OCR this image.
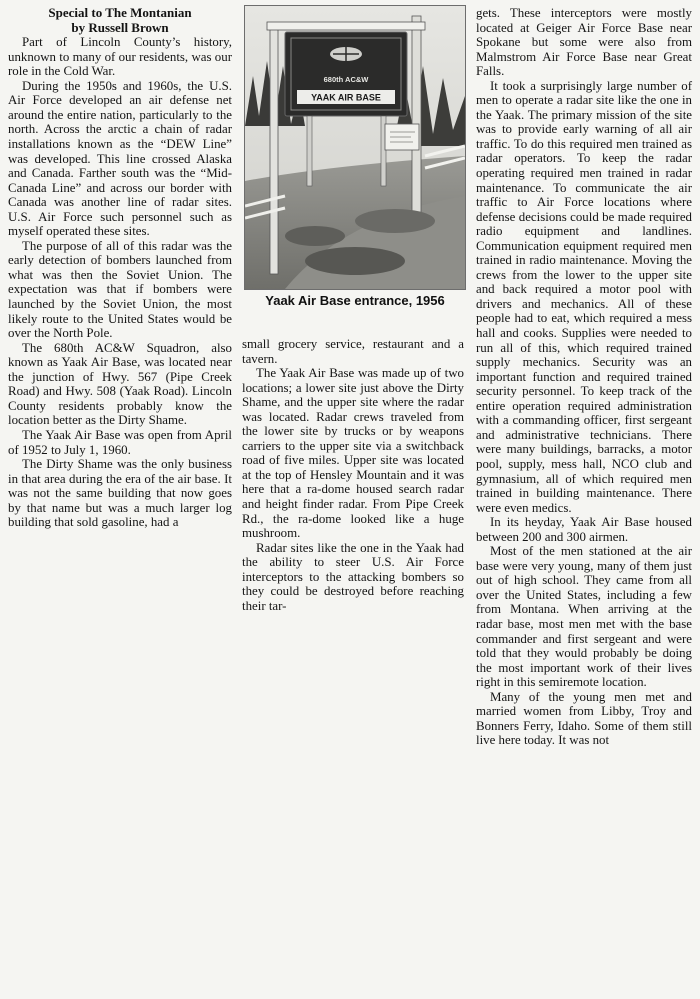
Special to The Montanian
by Russell Brown

Part of Lincoln County’s history, unknown to many of our residents, was our role in the Cold War.

During the 1950s and 1960s, the U.S. Air Force developed an air defense net around the entire nation, particularly to the north. Across the arctic a chain of radar installations known as the “DEW Line” was developed. This line crossed Alaska and Canada. Farther south was the “Mid-Canada Line” and across our border with Canada was another line of radar sites. U.S. Air Force such personnel such as myself operated these sites.

The purpose of all of this radar was the early detection of bombers launched from what was then the Soviet Union. The expectation was that if bombers were launched by the Soviet Union, the most likely route to the United States would be over the North Pole.

The 680th AC&W Squadron, also known as Yaak Air Base, was located near the junction of Hwy. 567 (Pipe Creek Road) and Hwy. 508 (Yaak Road). Lincoln County residents probably know the location better as the Dirty Shame.

The Yaak Air Base was open from April of 1952 to July 1, 1960.

The Dirty Shame was the only business in that area during the era of the air base. It was not the same building that now goes by that name but was a much larger log building that sold gasoline, had a

680th AC&W
YAAK AIR BASE
Yaak Air Base entrance, 1956

small grocery service, restaurant and a tavern.

The Yaak Air Base was made up of two locations; a lower site just above the Dirty Shame, and the upper site where the radar was located. Radar crews traveled from the lower site by trucks or by weapons carriers to the upper site via a switchback road of five miles. Upper site was located at the top of Hensley Mountain and it was here that a ra-dome housed search radar and height finder radar. From Pipe Creek Rd., the ra-dome looked like a huge mushroom.

Radar sites like the one in the Yaak had the ability to steer U.S. Air Force interceptors to the attacking bombers so they could be destroyed before reaching their tar-

gets. These interceptors were mostly located at Geiger Air Force Base near Spokane but some were also from Malmstrom Air Force Base near Great Falls.

It took a surprisingly large number of men to operate a radar site like the one in the Yaak. The primary mission of the site was to provide early warning of all air traffic. To do this required men trained as radar operators. To keep the radar operating required men trained in radar maintenance. To communicate the air traffic to Air Force locations where defense decisions could be made required radio equipment and landlines. Communication equipment required men trained in radio maintenance. Moving the crews from the lower to the upper site and back required a motor pool with drivers and mechanics. All of these people had to eat, which required a mess hall and cooks. Supplies were needed to run all of this, which required trained supply mechanics. Security was an important function and required trained security personnel. To keep track of the entire operation required administration with a commanding officer, first sergeant and administrative technicians. There were many buildings, barracks, a motor pool, supply, mess hall, NCO club and gymnasium, all of which required men trained in building maintenance. There were even medics.

In its heyday, Yaak Air Base housed between 200 and 300 airmen.

Most of the men stationed at the air base were very young, many of them just out of high school. They came from all over the United States, including a few from Montana. When arriving at the radar base, most men met with the base commander and first sergeant and were told that they would probably be doing the most important work of their lives right in this semiremote location.

Many of the young men met and married women from Libby, Troy and Bonners Ferry, Idaho. Some of them still live here today. It was not
